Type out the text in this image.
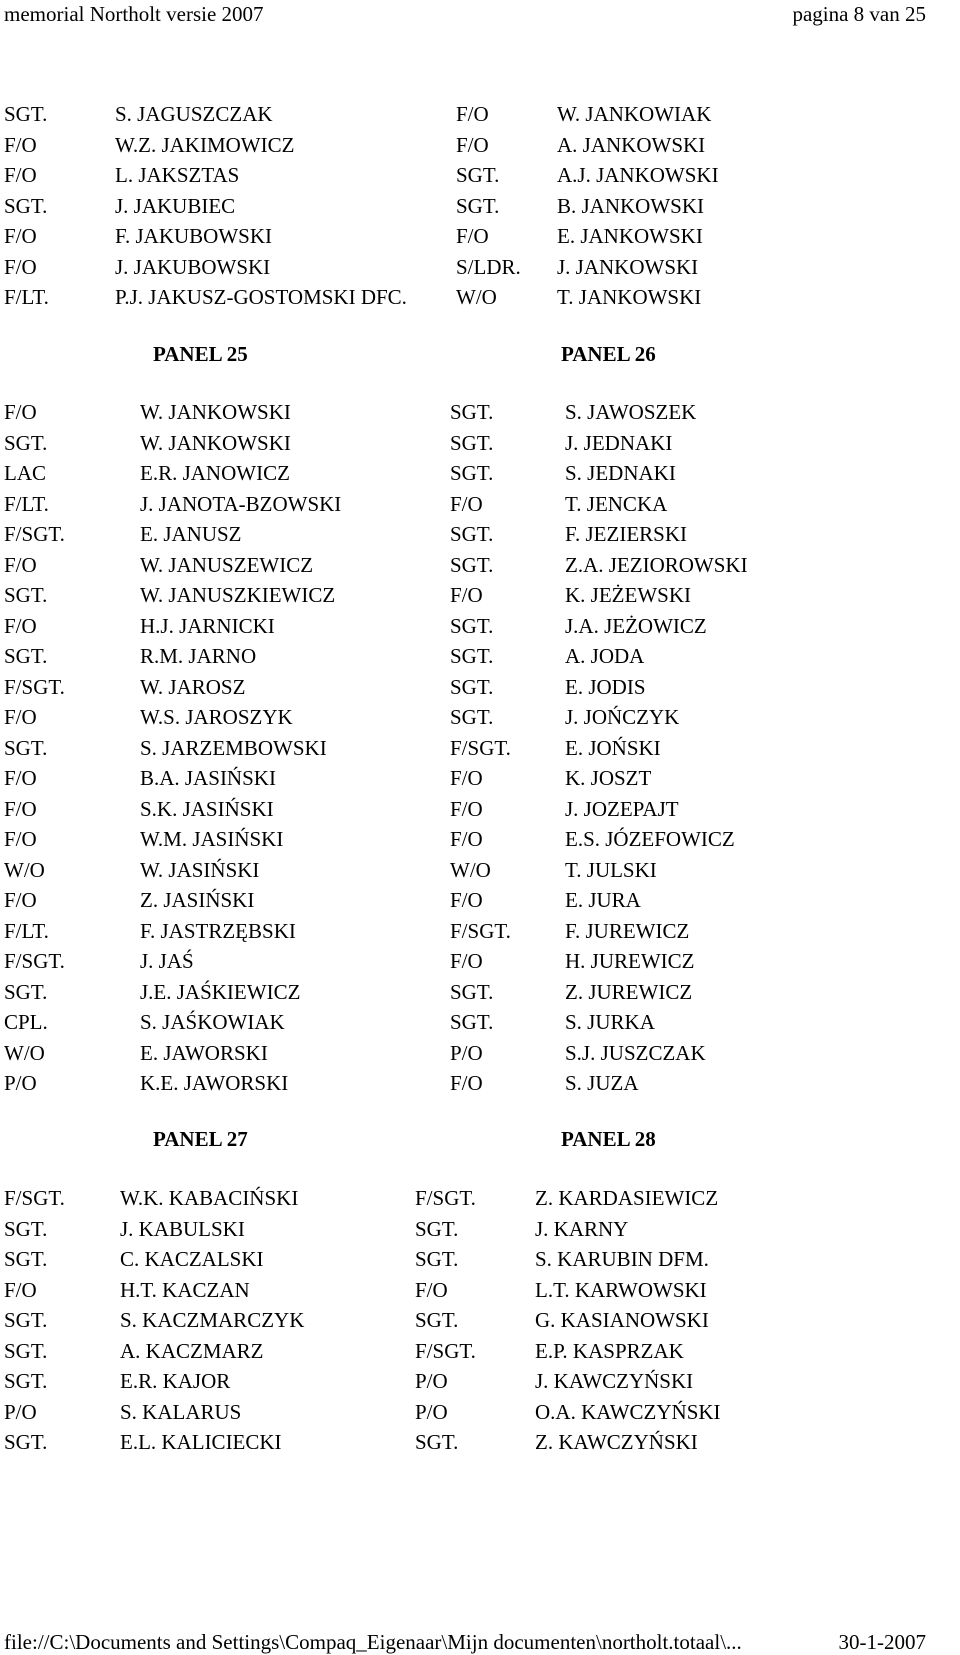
memorial Northolt versie 2007	pagina 8 van 25
SGT.	S. JAGUSZCZAK	F/O	W. JANKOWIAK
F/O	W.Z. JAKIMOWICZ	F/O	A. JANKOWSKI
F/O	L. JAKSZTAS	SGT.	A.J. JANKOWSKI
SGT.	J. JAKUBIEC	SGT.	B. JANKOWSKI
F/O	F. JAKUBOWSKI	F/O	E. JANKOWSKI
F/O	J. JAKUBOWSKI	S/LDR. J. JANKOWSKI
F/LT.	P.J. JAKUSZ-GOSTOMSKI DFC. W/O	T. JANKOWSKI
PANEL 25	PANEL 26
F/O	W. JANKOWSKI	SGT.	S. JAWOSZEK
SGT.	W. JANKOWSKI	SGT.	J. JEDNAKI
LAC	E.R. JANOWICZ	SGT.	S. JEDNAKI
F/LT.	J. JANOTA-BZOWSKI	F/O	T. JENCKA
F/SGT.	E. JANUSZ	SGT.	F. JEZIERSKI
F/O	W. JANUSZEWICZ	SGT.	Z.A. JEZIOROWSKI
SGT.	W. JANUSZKIEWICZ	F/O	K. JEŻEWSKI
F/O	H.J. JARNICKI	SGT.	J.A. JEŻOWICZ
SGT.	R.M. JARNO	SGT.	A. JODA
F/SGT.	W. JAROSZ	SGT.	E. JODIS
F/O	W.S. JAROSZYK	SGT.	J. JOŃCZYK
SGT.	S. JARZEMBOWSKI	F/SGT.	E. JOŃSKI
F/O	B.A. JASIŃSKI	F/O	K. JOSZT
F/O	S.K. JASIŃSKI	F/O	J. JOZEPAJT
F/O	W.M. JASIŃSKI	F/O	E.S. JÓZEFOWICZ
W/O	W. JASIŃSKI	W/O	T. JULSKI
F/O	Z. JASIŃSKI	F/O	E. JURA
F/LT.	F. JASTRZĘBSKI	F/SGT.	F. JUREWICZ
F/SGT.	J. JAŚ	F/O	H. JUREWICZ
SGT.	J.E. JAŚKIEWICZ	SGT.	Z. JUREWICZ
CPL.	S. JAŚKOWIAK	SGT.	S. JURKA
W/O	E. JAWORSKI	P/O	S.J. JUSZCZAK
P/O	K.E. JAWORSKI	F/O	S. JUZA
PANEL 27	PANEL 28
F/SGT.	W.K. KABACIŃSKI	F/SGT.	Z. KARDASIEWICZ
SGT.	J. KABULSKI	SGT.	J. KARNY
SGT.	C. KACZALSKI	SGT.	S. KARUBIN DFM.
F/O	H.T. KACZAN	F/O	L.T. KARWOWSKI
SGT.	S. KACZMARCZYK	SGT.	G. KASIANOWSKI
SGT.	A. KACZMARZ	F/SGT.	E.P. KASPRZAK
SGT.	E.R. KAJOR	P/O	J. KAWCZYŃSKI
P/O	S. KALARUS	P/O	O.A. KAWCZYŃSKI
SGT.	E.L. KALICIECKI	SGT.	Z. KAWCZYŃSKI
file://C:\Documents and Settings\Compaq_Eigenaar\Mijn documenten\northolt.totaal\...	30-1-2007
